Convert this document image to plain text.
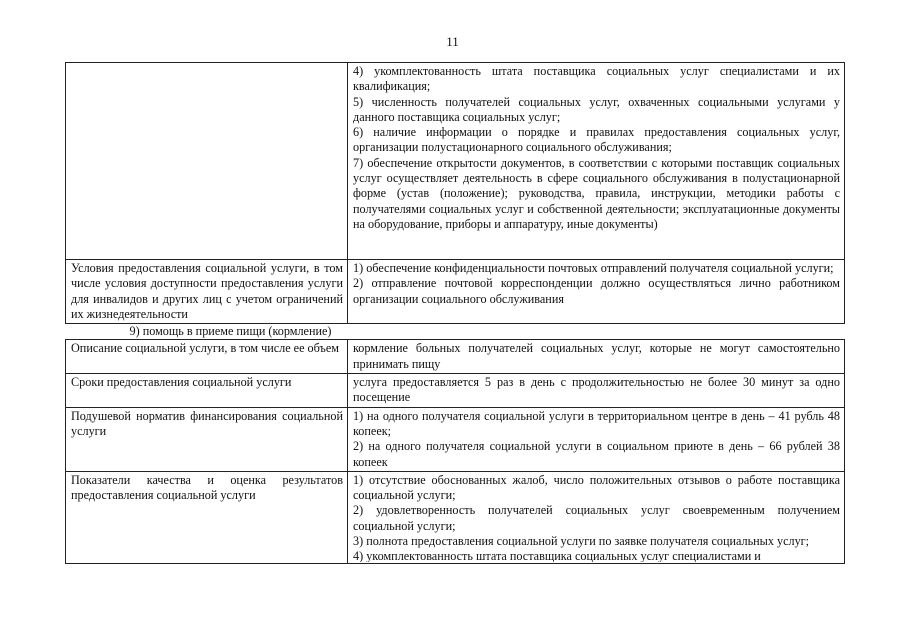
11

	4) укомплектованность штата поставщика социальных услуг специалистами и их квалификация;
5) численность получателей социальных услуг, охваченных социальными услугами у данного поставщика социальных услуг;
6) наличие информации о порядке и правилах предоставления социальных услуг, организации полустационарного социального обслуживания;
7) обеспечение открытости документов, в соответствии с которыми поставщик социальных услуг осуществляет деятельность в сфере социального обслуживания в полустационарной форме (устав (положение); руководства, правила, инструкции, методики работы с получателями социальных услуг и собственной деятельности; эксплуатационные документы на оборудование, приборы и аппаратуру, иные документы)

Условия предоставления социальной услуги, в том числе условия доступности предоставления услуги для инвалидов и других лиц с учетом ограничений их жизнедеятельности	1) обеспечение конфиденциальности почтовых отправлений получателя социальной услуги;
2) отправление почтовой корреспонденции должно осуществляться лично работником организации социального обслуживания

9) помощь в приеме пищи (кормление)	
Описание социальной услуги, в том числе ее объем	кормление больных получателей социальных услуг, которые не могут самостоятельно принимать пищу
Сроки предоставления социальной услуги	услуга предоставляется 5 раз в день с продолжительностью не более 30 минут за одно посещение
Подушевой норматив финансирования социальной услуги	1) на одного получателя социальной услуги в территориальном центре в день – 41 рубль 48 копеек;
2) на одного получателя социальной услуги в социальном приюте в день – 66 рублей 38 копеек

Показатели качества и оценка результатов предоставления социальной услуги	1) отсутствие обоснованных жалоб, число положительных отзывов о работе поставщика социальной услуги;
2) удовлетворенность получателей социальных услуг своевременным получением социальной услуги;
3) полнота предоставления социальной услуги по заявке получателя социальных услуг;
4) укомплектованность штата поставщика социальных услуг специалистами и
